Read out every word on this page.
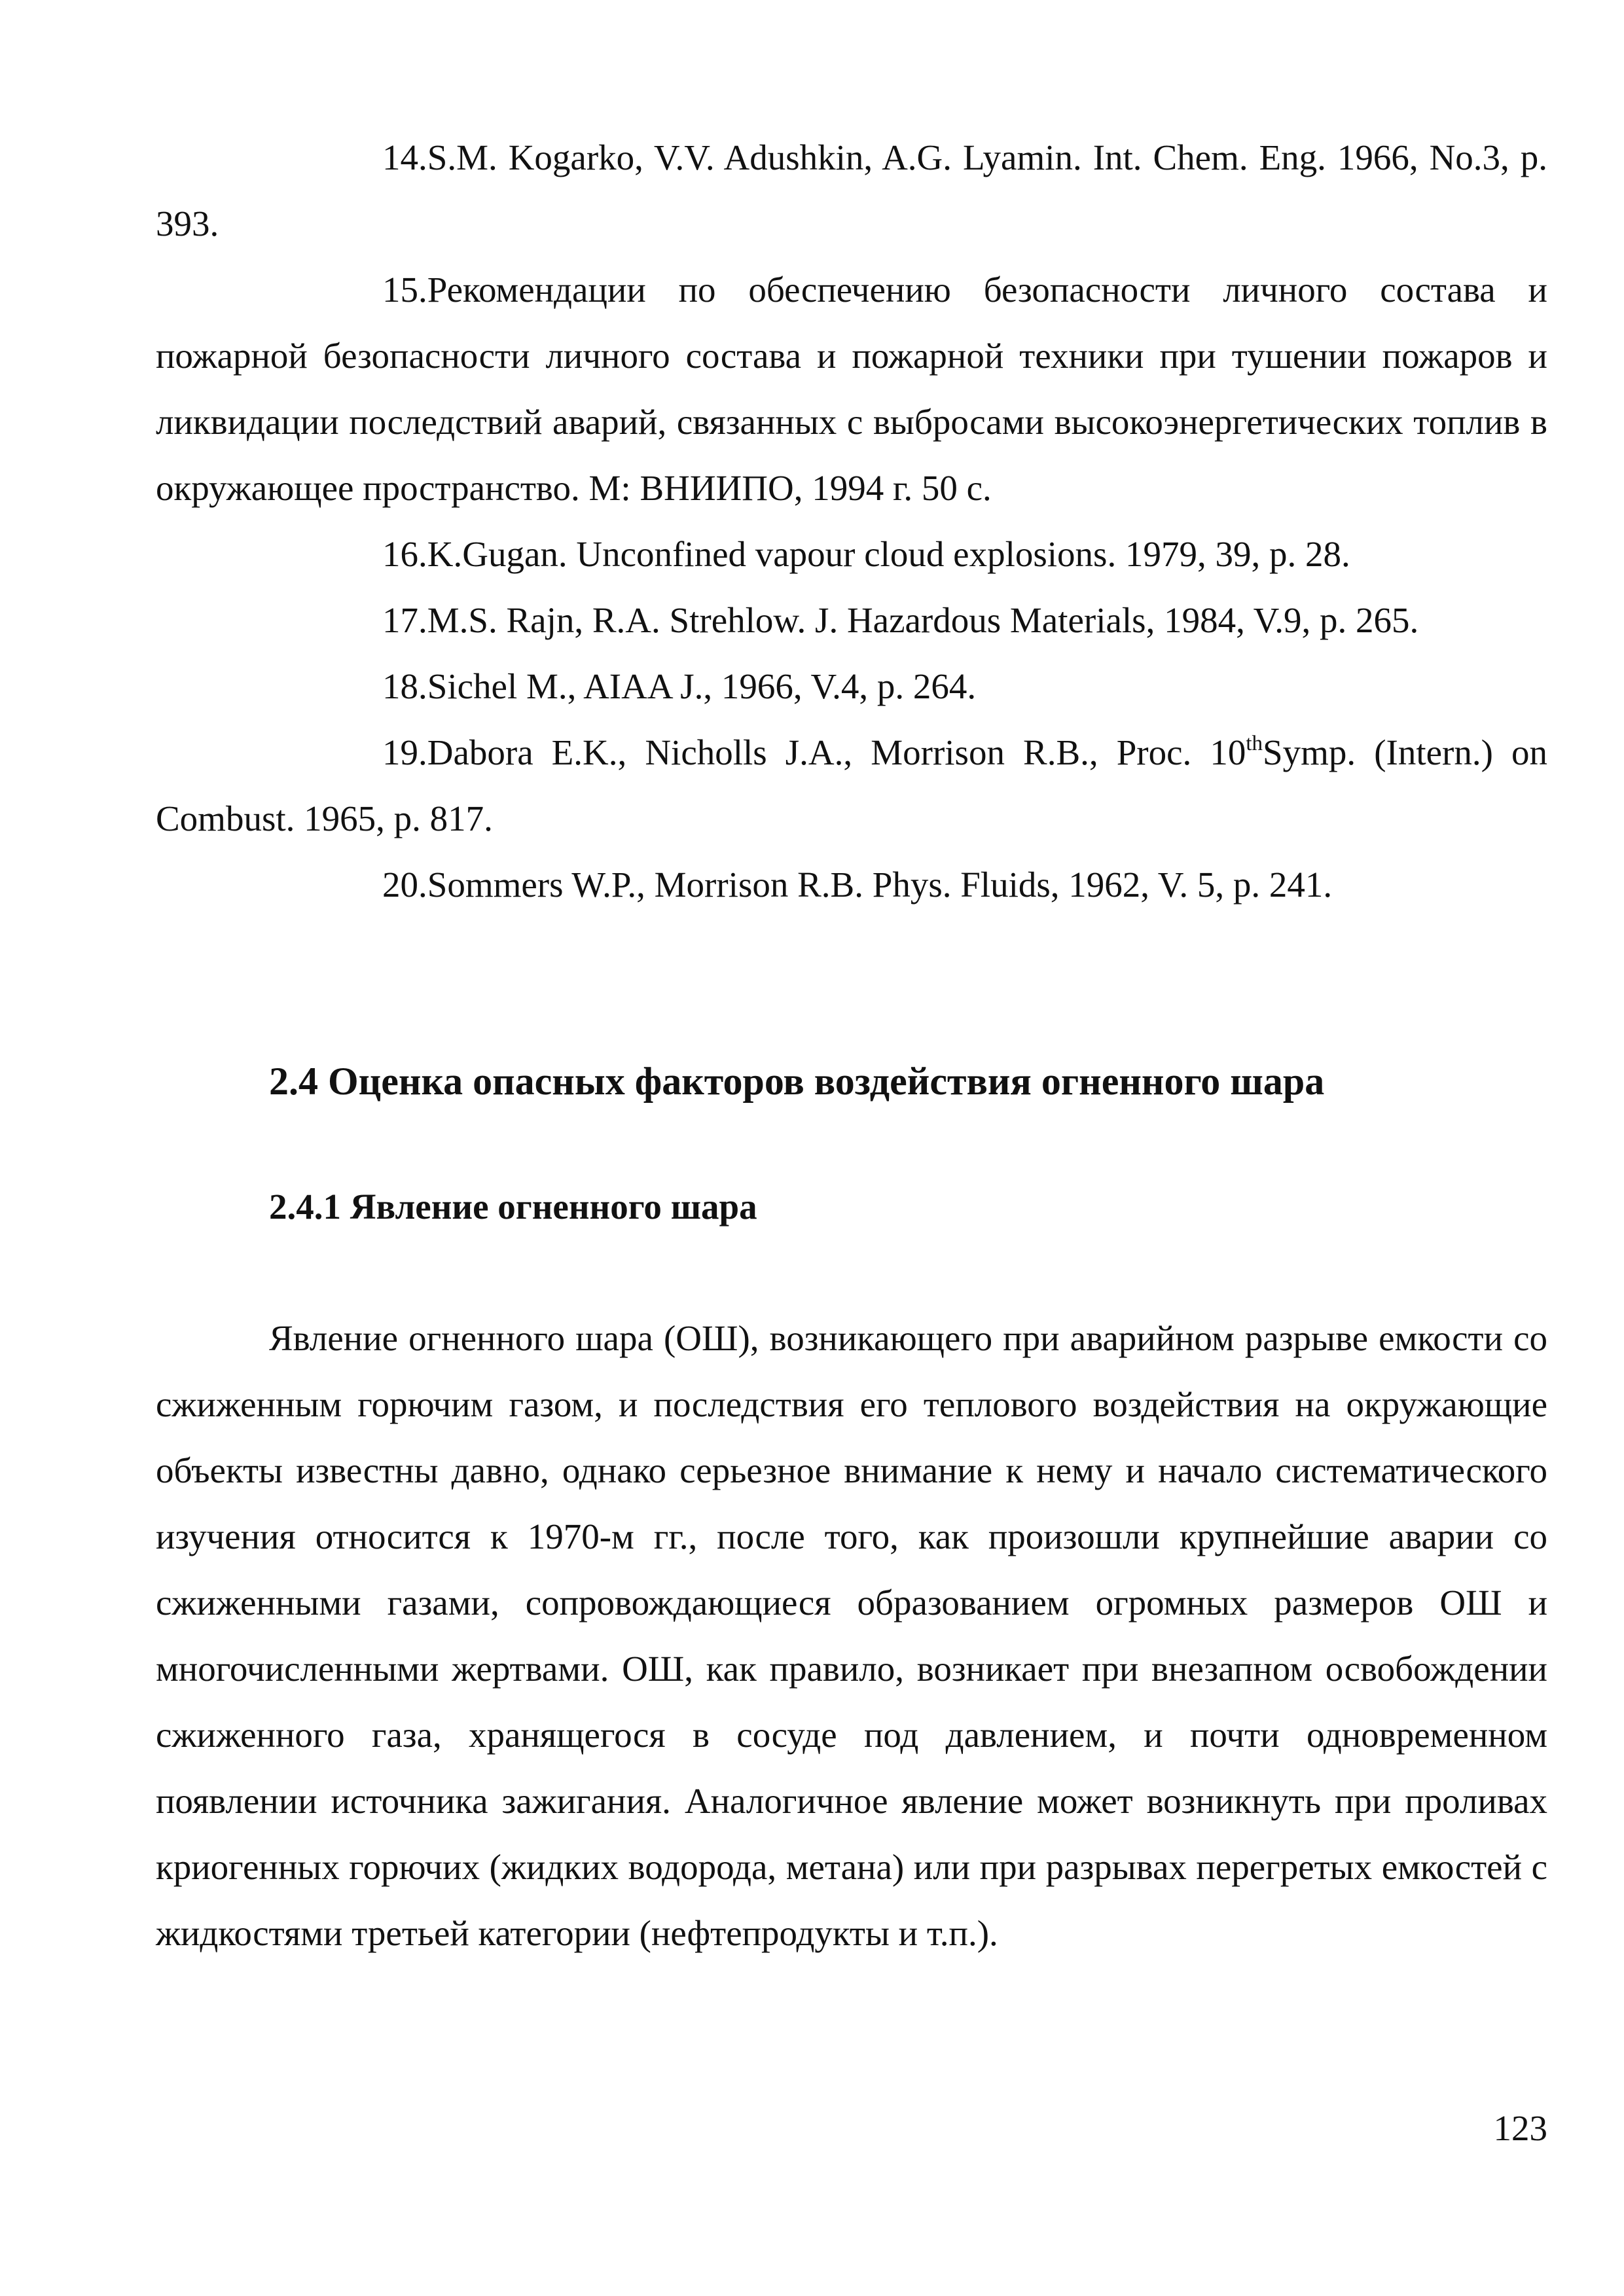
14.S.M. Kogarko, V.V. Adushkin, A.G. Lyamin. Int. Chem. Eng. 1966, No.3, p. 393.

15.Рекомендации по обеспечению безопасности личного состава и пожарной безопасности личного состава и пожарной техники при тушении пожаров и ликвидации последствий аварий, связанных с выбросами высокоэнергетических топлив в окружающее пространство. М: ВНИИПО, 1994 г. 50 с.

16.K.Gugan. Unconfined vapour cloud explosions. 1979, 39, p. 28.

17.M.S. Rajn, R.A. Strehlow. J. Hazardous Materials, 1984, V.9, p. 265.

18.Sichel M., AIAA J., 1966, V.4, p. 264.

19.Dabora E.K., Nicholls J.A., Morrison R.B., Proc. 10thSymp. (Intern.) on Combust. 1965, p. 817.

20.Sommers W.P., Morrison R.B. Phys. Fluids, 1962, V. 5, p. 241.

2.4 Оценка опасных факторов воздействия огненного шара
2.4.1 Явление огненного шара

Явление огненного шара (ОШ), возникающего при аварийном разрыве емкости со сжиженным горючим газом, и последствия его теплового воздействия на окружающие объекты известны давно, однако серьезное внимание к нему и начало систематического изучения относится к 1970-м гг., после того, как произошли крупнейшие аварии со сжиженными газами, сопровождающиеся образованием огромных размеров ОШ и многочисленными жертвами. ОШ, как правило, возникает при внезапном освобождении сжиженного газа, хранящегося в сосуде под давлением, и почти одновременном появлении источника зажигания. Аналогичное явление может возникнуть при проливах криогенных горючих (жидких водорода, метана) или при разрывах перегретых емкостей с жидкостями третьей категории (нефтепродукты и т.п.).

123
